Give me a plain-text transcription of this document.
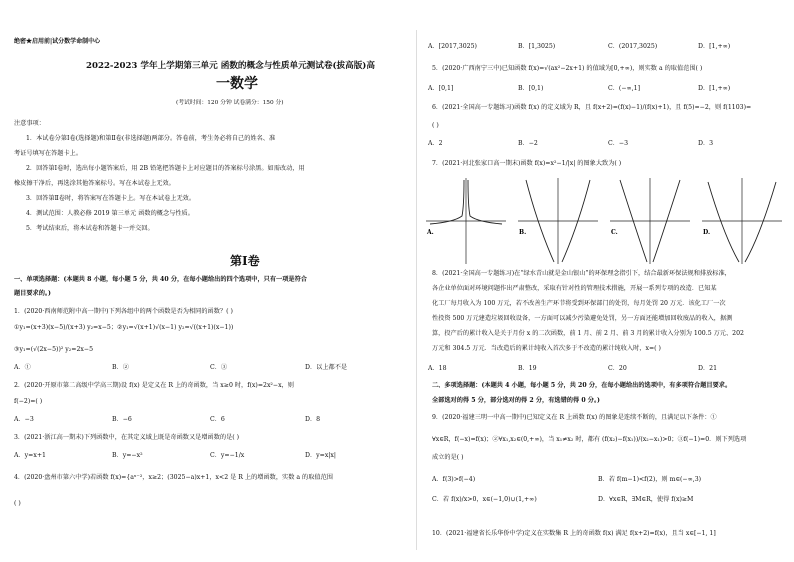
绝密★启用前|试分数学命制中心
2022-2023 学年上学期第三单元 函数的概念与性质单元测试卷(拔高版)高
一数学
(考试时间：120 分钟 试卷满分：150 分)
注意事项：
1．本试卷分第Ⅰ卷(选择题)和第Ⅱ卷(非选择题)两部分。答卷前，考生务必将自己的姓名、准
考证号填写在答题卡上。
2．回答第Ⅰ卷时，选出每小题答案后，用 2B 铅笔把答题卡上对应题目的答案标号涂黑。如需改动，用
橡皮擦干净后，再选涂其他答案标号。写在本试卷上无效。
3．回答第Ⅱ卷时，将答案写在答题卡上。写在本试卷上无效。
4．测试范围：人教必修 2019 第三单元 函数的概念与性质。
5．考试结束后，将本试卷和答题卡一并交回。
第Ⅰ卷
一、单项选择题：(本题共 8 小题，每小题 5 分，共 40 分，在每小题给出的四个选项中，只有一项是符合
题目要求的。)
1．(2020·西南师范附中高一期中)下列各组中的两个函数是否为相同的函数？( )
①y₁=(x+3)(x−5)/(x+3) y₂=x−5；②y₁=√(x+1)√(x−1) y₂=√((x+1)(x−1))
③y₁=(√(2x−5))² y₂=2x−5
A．①	B．②	C．③	D．以上都不是
2．(2020·开原市第二高级中学高三期)设 f(x) 是定义在 R 上的奇函数，当 x≥0 时，f(x)=2x²−x，则
f(−2)=( )
A．−3	B．−6	C．6	D．8
3．(2021·浙江高一期末)下列函数中，在其定义域上既是奇函数又是增函数的是( )
A．y=x+1	B．y=−x²	C．y=−1/x	D．y=x|x|
4．(2020·盘州市第六中学)若函数 f(x)={aˣ⁻²，x≥2；(3025−a)x+1，x<2 是 R 上的增函数，实数 a 的取值范围
( )
A．[2017,3025)	B．[1,3025)	C．(2017,3025)	D．[1,+∞)
5．(2020·广西南宁三中)已知函数 f(x)=√(ax²−2x+1) 的值域为[0,+∞)，则实数 a 的取值范围( )
A．[0,1]	B．[0,1)	C．(−∞,1]	D．[1,+∞)
6．(2021·全国高一专题练习)函数 f(x) 的定义域为 R，且 f(x+2)=(f(x)−1)/(f(x)+1)，且 f(5)=−2，则 f(1103)=
( )
A．2	B．−2	C．−3	D．3
7．(2021·河北张家口高一期末)函数 f(x)=x²−1/|x| 的图象大致为( )
8．(2021·全国高一专题练习)在“绿水青山就是金山银山”的环保理念指引下，结合最新环保法规和排放标准，
各企业单位面对环境问题作出严肃整改，采取有针对性的管理技术措施，开展一系列专项的改造．已知某
化工厂每月收入为 100 万元，若不改善生产环节将受到环保部门的处罚，每月处罚 20 万元．该化工厂一次
性投资 500 万元建造垃圾回收设备，一方面可以减少污染避免处罚，另一方面还能增加回收废品的收入，据测
算，投产后的累计收入是关于月份 x 的二次函数，前 1 月、前 2 月、前 3 月的累计收入分别为 100.5 万元、202
万元和 304.5 万元．当改造后的累计纯收入首次多于不改造的累计纯收入时，x=( )
A．18	B．19	C．20	D．21
二、多项选择题：(本题共 4 小题，每小题 5 分，共 20 分，在每小题给出的选项中，有多项符合题目要求。
全部选对的得 5 分，部分选对的得 2 分，有选错的得 0 分。)
9．(2020·福建三明一中高一期中)已知定义在 R 上函数 f(x) 的图象是连续不断的，且满足以下条件：①
∀x∈R，f(−x)=f(x)；②∀x₁,x₂∈(0,+∞)，当 x₁≠x₂ 时，都有 (f(x₂)−f(x₁))/(x₂−x₁)>0；③f(−1)=0．则下列选项
成立的是( )
A．f(3)>f(−4)	B．若 f(m−1)<f(2)，则 m∈(−∞,3)
C．若 f(x)/x>0，x∈(−1,0)∪(1,+∞)	D．∀x∈R，∃M∈R，使得 f(x)≥M
10．(2021·福建省长乐华侨中学)定义在实数集 R 上的奇函数 f(x) 满足 f(x+2)=f(x)，且当 x∈[−1, 1]
A.	B.	C.	D.
